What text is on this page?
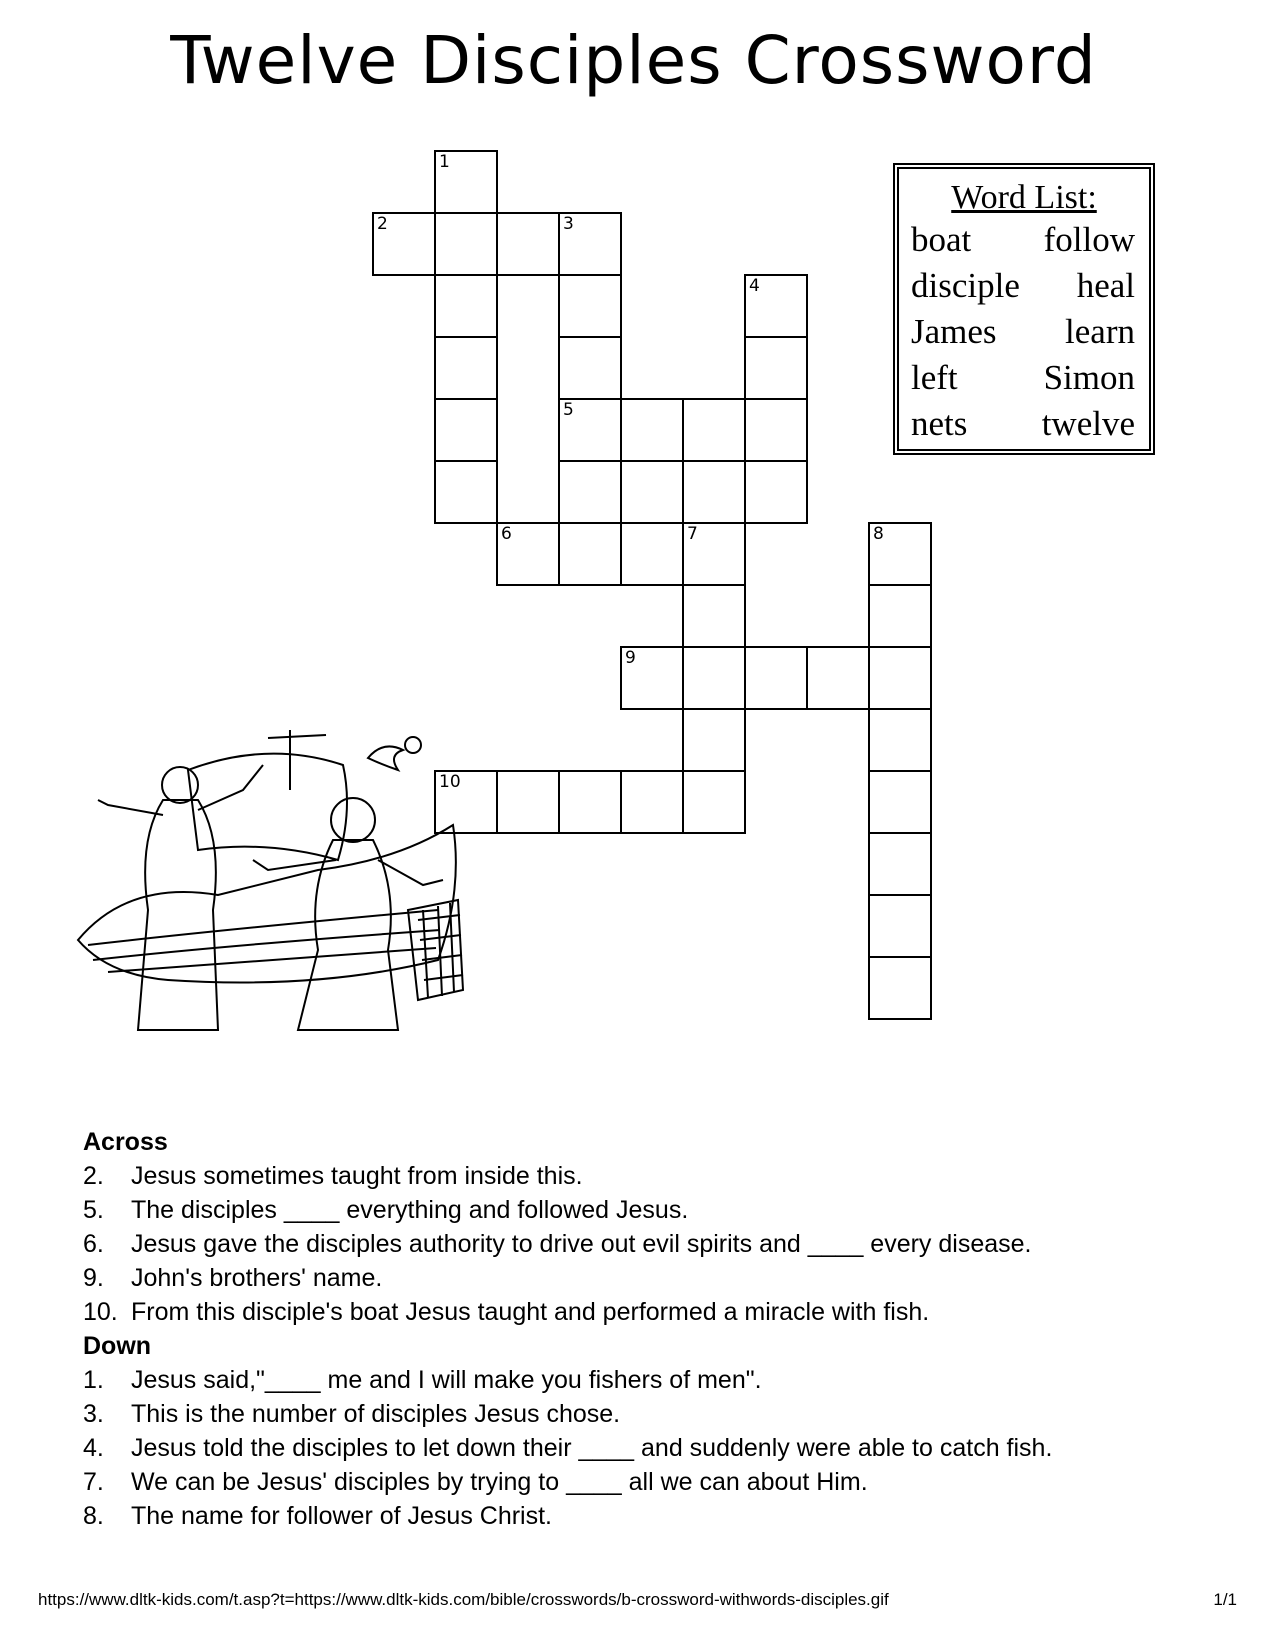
Twelve Disciples Crossword
1
2	3
5
4
6	7	8
9
10
Word List:
boat follow
disciple heal
James learn
left Simon
nets twelve
Across
2.	Jesus sometimes taught from inside this.
5.	The disciples ____ everything and followed Jesus.
6.	Jesus gave the disciples authority to drive out evil spirits and ____ every disease.
9.	John's brothers' name.
10. From this disciple's boat Jesus taught and performed a miracle with fish.
Down
1.	Jesus said,"____ me and I will make you fishers of men".
3.	This is the number of disciples Jesus chose.
4.	Jesus told the disciples to let down their ____ and suddenly were able to catch fish.
7.	We can be Jesus' disciples by trying to ____ all we can about Him.
8.	The name for follower of Jesus Christ.
https://www.dltk-kids.com/t.asp?t=https://www.dltk-kids.com/bible/crosswords/b-crossword-withwords-disciples.gif	1/1
